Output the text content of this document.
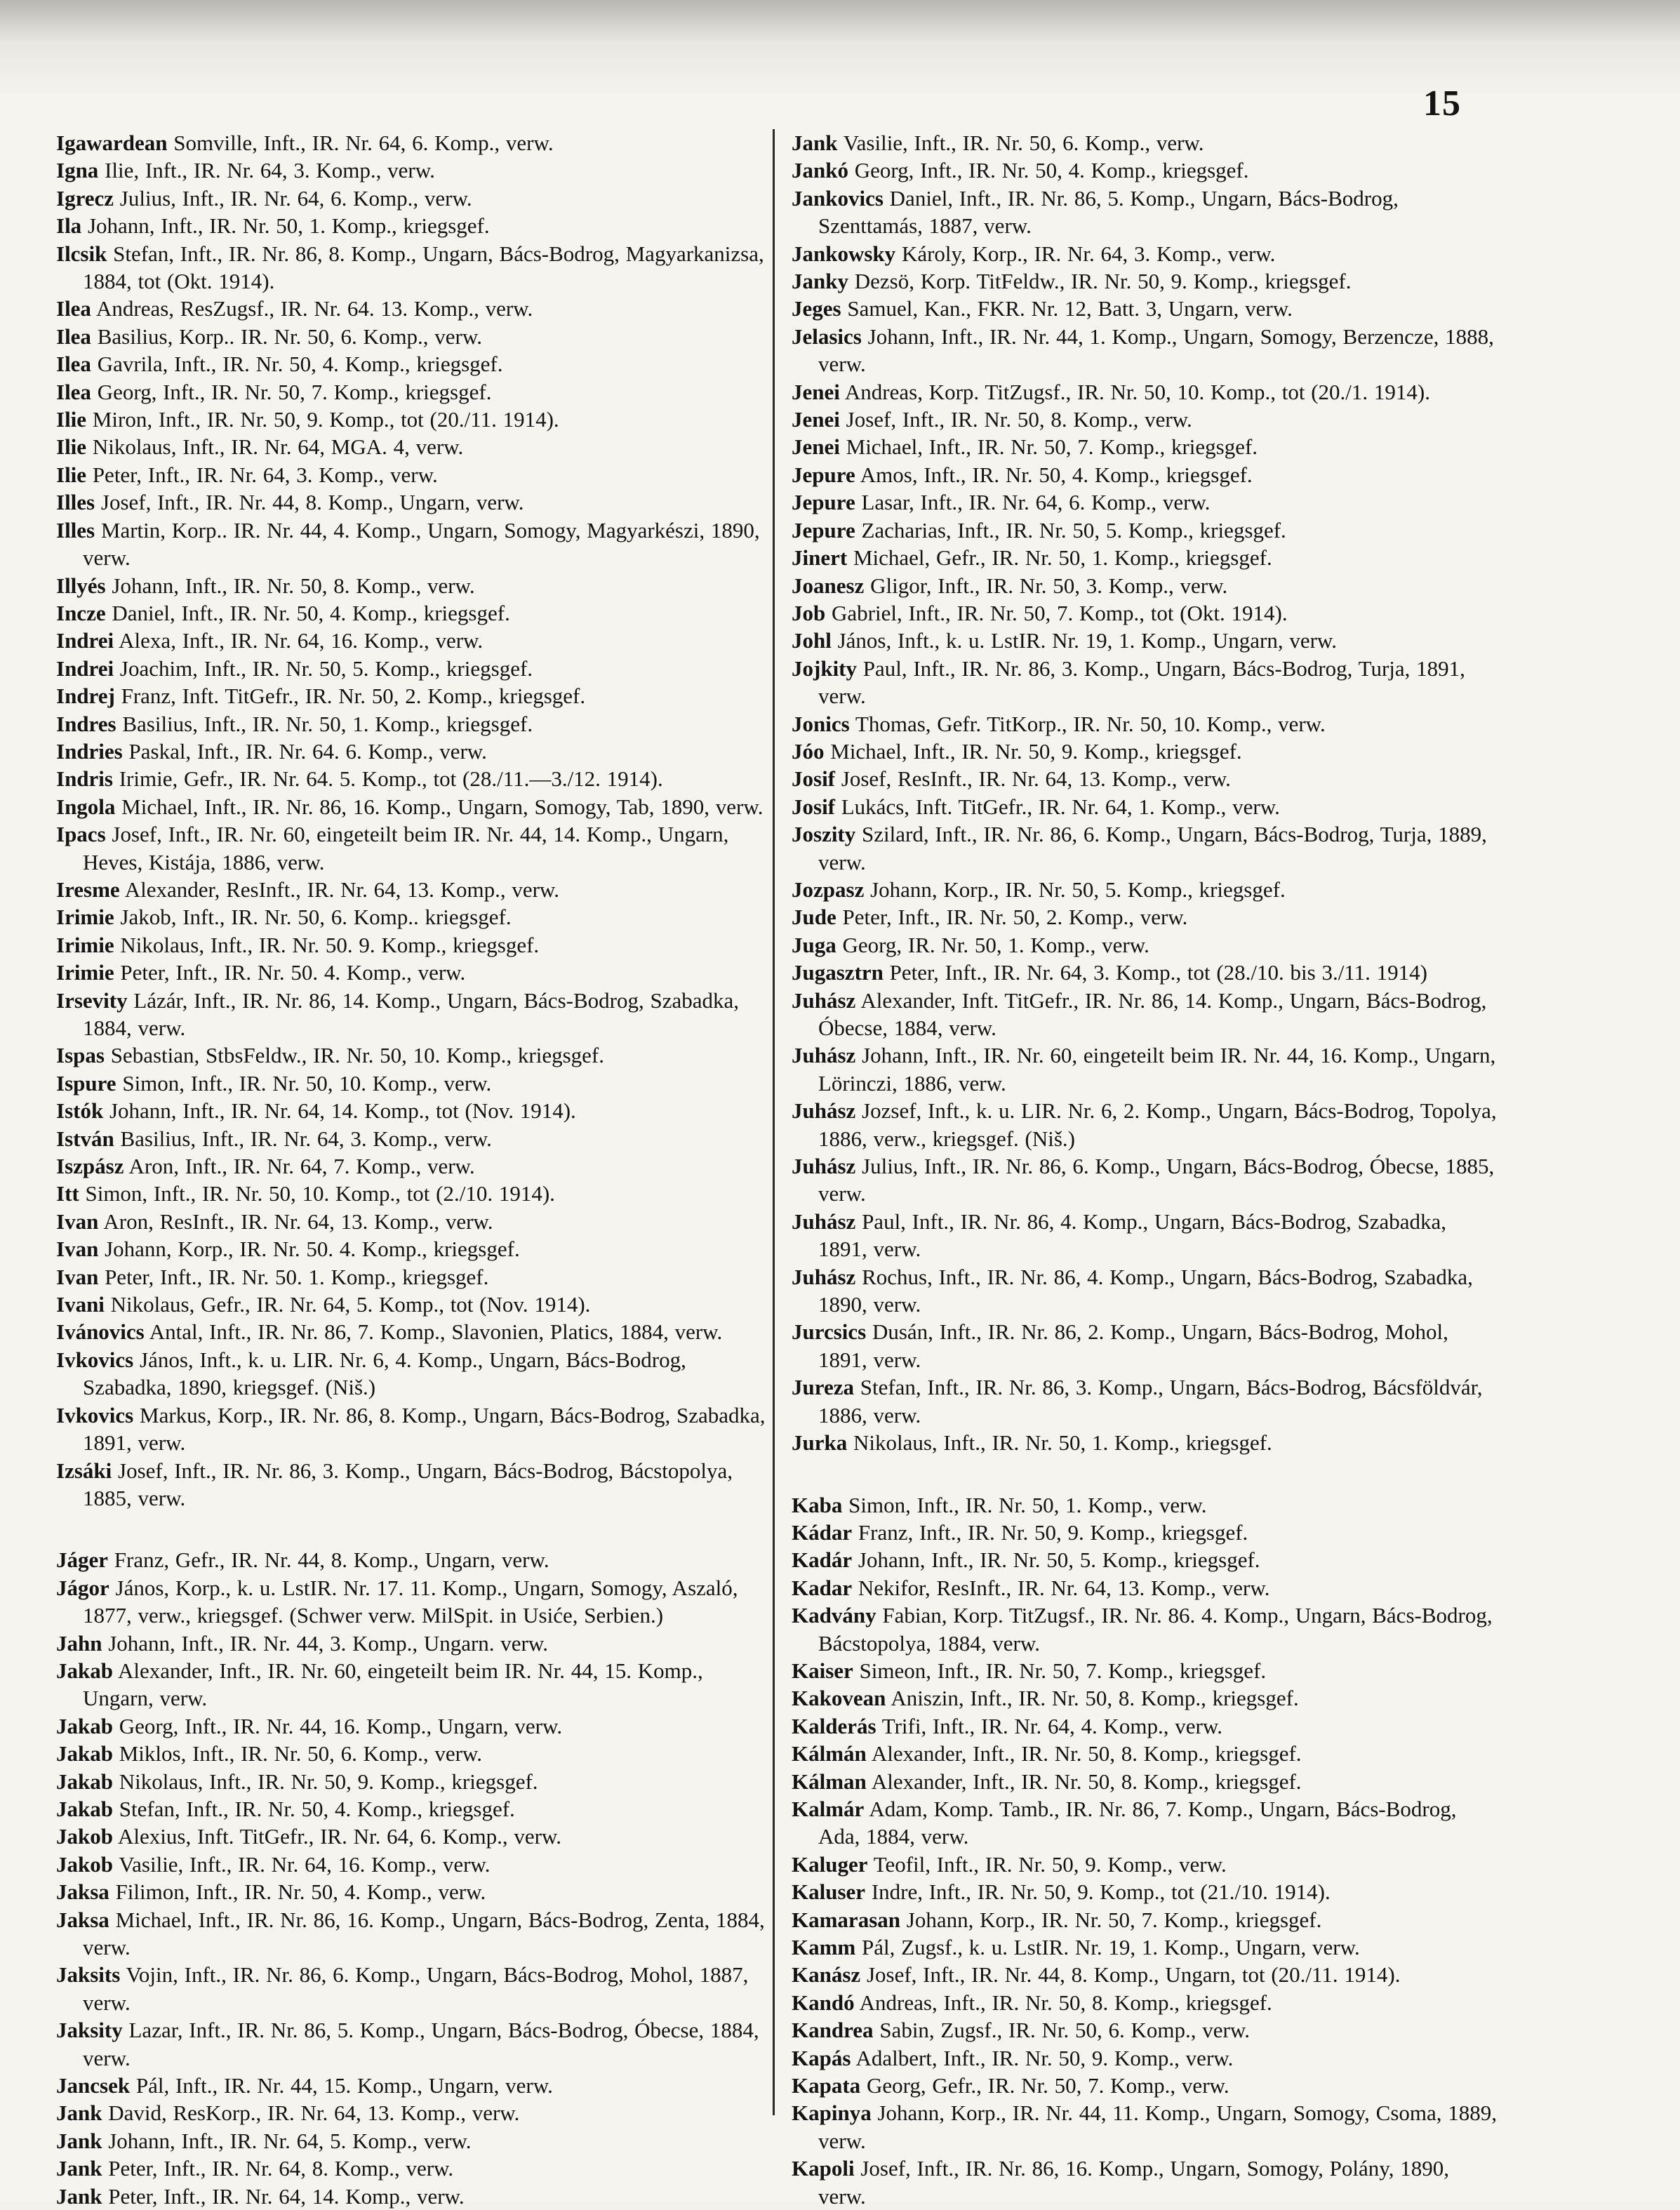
15
Igawardean Somville, Inft., IR. Nr. 64, 6. Komp., verw.
Igna Ilie, Inft., IR. Nr. 64, 3. Komp., verw.
Igrecz Julius, Inft., IR. Nr. 64, 6. Komp., verw.
Ila Johann, Inft., IR. Nr. 50, 1. Komp., kriegsgef.
Ilcsik Stefan, Inft., IR. Nr. 86, 8. Komp., Ungarn, Bács-Bodrog, Magyarkanizsa, 1884, tot (Okt. 1914).
Ilea Andreas, ResZugsf., IR. Nr. 64. 13. Komp., verw.
Ilea Basilius, Korp.. IR. Nr. 50, 6. Komp., verw.
Ilea Gavrila, Inft., IR. Nr. 50, 4. Komp., kriegsgef.
Ilea Georg, Inft., IR. Nr. 50, 7. Komp., kriegsgef.
Ilie Miron, Inft., IR. Nr. 50, 9. Komp., tot (20./11. 1914).
Ilie Nikolaus, Inft., IR. Nr. 64, MGA. 4, verw.
Ilie Peter, Inft., IR. Nr. 64, 3. Komp., verw.
Illes Josef, Inft., IR. Nr. 44, 8. Komp., Ungarn, verw.
Illes Martin, Korp.. IR. Nr. 44, 4. Komp., Ungarn, Somogy, Magyarkészi, 1890, verw.
Illyés Johann, Inft., IR. Nr. 50, 8. Komp., verw.
Incze Daniel, Inft., IR. Nr. 50, 4. Komp., kriegsgef.
Indrei Alexa, Inft., IR. Nr. 64, 16. Komp., verw.
Indrei Joachim, Inft., IR. Nr. 50, 5. Komp., kriegsgef.
Indrej Franz, Inft. TitGefr., IR. Nr. 50, 2. Komp., kriegsgef.
Indres Basilius, Inft., IR. Nr. 50, 1. Komp., kriegsgef.
Indries Paskal, Inft., IR. Nr. 64. 6. Komp., verw.
Indris Irimie, Gefr., IR. Nr. 64. 5. Komp., tot (28./11.—3./12. 1914).
Ingola Michael, Inft., IR. Nr. 86, 16. Komp., Ungarn, Somogy, Tab, 1890, verw.
Ipacs Josef, Inft., IR. Nr. 60, eingeteilt beim IR. Nr. 44, 14. Komp., Ungarn, Heves, Kistája, 1886, verw.
Iresme Alexander, ResInft., IR. Nr. 64, 13. Komp., verw.
Irimie Jakob, Inft., IR. Nr. 50, 6. Komp.. kriegsgef.
Irimie Nikolaus, Inft., IR. Nr. 50. 9. Komp., kriegsgef.
Irimie Peter, Inft., IR. Nr. 50. 4. Komp., verw.
Irsevity Lázár, Inft., IR. Nr. 86, 14. Komp., Ungarn, Bács-Bodrog, Szabadka, 1884, verw.
Ispas Sebastian, StbsFeldw., IR. Nr. 50, 10. Komp., kriegsgef.
Ispure Simon, Inft., IR. Nr. 50, 10. Komp., verw.
Istók Johann, Inft., IR. Nr. 64, 14. Komp., tot (Nov. 1914).
István Basilius, Inft., IR. Nr. 64, 3. Komp., verw.
Iszpász Aron, Inft., IR. Nr. 64, 7. Komp., verw.
Itt Simon, Inft., IR. Nr. 50, 10. Komp., tot (2./10. 1914).
Ivan Aron, ResInft., IR. Nr. 64, 13. Komp., verw.
Ivan Johann, Korp., IR. Nr. 50. 4. Komp., kriegsgef.
Ivan Peter, Inft., IR. Nr. 50. 1. Komp., kriegsgef.
Ivani Nikolaus, Gefr., IR. Nr. 64, 5. Komp., tot (Nov. 1914).
Ivánovics Antal, Inft., IR. Nr. 86, 7. Komp., Slavonien, Platics, 1884, verw.
Ivkovics János, Inft., k. u. LIR. Nr. 6, 4. Komp., Ungarn, Bács-Bodrog, Szabadka, 1890, kriegsgef. (Niš.)
Ivkovics Markus, Korp., IR. Nr. 86, 8. Komp., Ungarn, Bács-Bodrog, Szabadka, 1891, verw.
Izsáki Josef, Inft., IR. Nr. 86, 3. Komp., Ungarn, Bács-Bodrog, Bácstopolya, 1885, verw.
Jáger Franz, Gefr., IR. Nr. 44, 8. Komp., Ungarn, verw.
Jágor János, Korp., k. u. LstIR. Nr. 17. 11. Komp., Ungarn, Somogy, Aszaló, 1877, verw., kriegsgef. (Schwer verw. MilSpit. in Usiće, Serbien.)
Jahn Johann, Inft., IR. Nr. 44, 3. Komp., Ungarn. verw.
Jakab Alexander, Inft., IR. Nr. 60, eingeteilt beim IR. Nr. 44, 15. Komp., Ungarn, verw.
Jakab Georg, Inft., IR. Nr. 44, 16. Komp., Ungarn, verw.
Jakab Miklos, Inft., IR. Nr. 50, 6. Komp., verw.
Jakab Nikolaus, Inft., IR. Nr. 50, 9. Komp., kriegsgef.
Jakab Stefan, Inft., IR. Nr. 50, 4. Komp., kriegsgef.
Jakob Alexius, Inft. TitGefr., IR. Nr. 64, 6. Komp., verw.
Jakob Vasilie, Inft., IR. Nr. 64, 16. Komp., verw.
Jaksa Filimon, Inft., IR. Nr. 50, 4. Komp., verw.
Jaksa Michael, Inft., IR. Nr. 86, 16. Komp., Ungarn, Bács-Bodrog, Zenta, 1884, verw.
Jaksits Vojin, Inft., IR. Nr. 86, 6. Komp., Ungarn, Bács-Bodrog, Mohol, 1887, verw.
Jaksity Lazar, Inft., IR. Nr. 86, 5. Komp., Ungarn, Bács-Bodrog, Óbecse, 1884, verw.
Jancsek Pál, Inft., IR. Nr. 44, 15. Komp., Ungarn, verw.
Jank David, ResKorp., IR. Nr. 64, 13. Komp., verw.
Jank Johann, Inft., IR. Nr. 64, 5. Komp., verw.
Jank Peter, Inft., IR. Nr. 64, 8. Komp., verw.
Jank Peter, Inft., IR. Nr. 64, 14. Komp., verw.
Jank Vasilie, Inft., IR. Nr. 50, 6. Komp., verw.
Jankó Georg, Inft., IR. Nr. 50, 4. Komp., kriegsgef.
Jankovics Daniel, Inft., IR. Nr. 86, 5. Komp., Ungarn, Bács-Bodrog, Szenttamás, 1887, verw.
Jankowsky Károly, Korp., IR. Nr. 64, 3. Komp., verw.
Janky Dezsö, Korp. TitFeldw., IR. Nr. 50, 9. Komp., kriegsgef.
Jeges Samuel, Kan., FKR. Nr. 12, Batt. 3, Ungarn, verw.
Jelasics Johann, Inft., IR. Nr. 44, 1. Komp., Ungarn, Somogy, Berzencze, 1888, verw.
Jenei Andreas, Korp. TitZugsf., IR. Nr. 50, 10. Komp., tot (20./1. 1914).
Jenei Josef, Inft., IR. Nr. 50, 8. Komp., verw.
Jenei Michael, Inft., IR. Nr. 50, 7. Komp., kriegsgef.
Jepure Amos, Inft., IR. Nr. 50, 4. Komp., kriegsgef.
Jepure Lasar, Inft., IR. Nr. 64, 6. Komp., verw.
Jepure Zacharias, Inft., IR. Nr. 50, 5. Komp., kriegsgef.
Jinert Michael, Gefr., IR. Nr. 50, 1. Komp., kriegsgef.
Joanesz Gligor, Inft., IR. Nr. 50, 3. Komp., verw.
Job Gabriel, Inft., IR. Nr. 50, 7. Komp., tot (Okt. 1914).
Johl János, Inft., k. u. LstIR. Nr. 19, 1. Komp., Ungarn, verw.
Jojkity Paul, Inft., IR. Nr. 86, 3. Komp., Ungarn, Bács-Bodrog, Turja, 1891, verw.
Jonics Thomas, Gefr. TitKorp., IR. Nr. 50, 10. Komp., verw.
Jóo Michael, Inft., IR. Nr. 50, 9. Komp., kriegsgef.
Josif Josef, ResInft., IR. Nr. 64, 13. Komp., verw.
Josif Lukács, Inft. TitGefr., IR. Nr. 64, 1. Komp., verw.
Joszity Szilard, Inft., IR. Nr. 86, 6. Komp., Ungarn, Bács-Bodrog, Turja, 1889, verw.
Jozpasz Johann, Korp., IR. Nr. 50, 5. Komp., kriegsgef.
Jude Peter, Inft., IR. Nr. 50, 2. Komp., verw.
Juga Georg, IR. Nr. 50, 1. Komp., verw.
Jugasztrn Peter, Inft., IR. Nr. 64, 3. Komp., tot (28./10. bis 3./11. 1914)
Juhász Alexander, Inft. TitGefr., IR. Nr. 86, 14. Komp., Ungarn, Bács-Bodrog, Óbecse, 1884, verw.
Juhász Johann, Inft., IR. Nr. 60, eingeteilt beim IR. Nr. 44, 16. Komp., Ungarn, Lörinczi, 1886, verw.
Juhász Jozsef, Inft., k. u. LIR. Nr. 6, 2. Komp., Ungarn, Bács-Bodrog, Topolya, 1886, verw., kriegsgef. (Niš.)
Juhász Julius, Inft., IR. Nr. 86, 6. Komp., Ungarn, Bács-Bodrog, Óbecse, 1885, verw.
Juhász Paul, Inft., IR. Nr. 86, 4. Komp., Ungarn, Bács-Bodrog, Szabadka, 1891, verw.
Juhász Rochus, Inft., IR. Nr. 86, 4. Komp., Ungarn, Bács-Bodrog, Szabadka, 1890, verw.
Jurcsics Dusán, Inft., IR. Nr. 86, 2. Komp., Ungarn, Bács-Bodrog, Mohol, 1891, verw.
Jureza Stefan, Inft., IR. Nr. 86, 3. Komp., Ungarn, Bács-Bodrog, Bácsföldvár, 1886, verw.
Jurka Nikolaus, Inft., IR. Nr. 50, 1. Komp., kriegsgef.
Kaba Simon, Inft., IR. Nr. 50, 1. Komp., verw.
Kádar Franz, Inft., IR. Nr. 50, 9. Komp., kriegsgef.
Kadár Johann, Inft., IR. Nr. 50, 5. Komp., kriegsgef.
Kadar Nekifor, ResInft., IR. Nr. 64, 13. Komp., verw.
Kadvány Fabian, Korp. TitZugsf., IR. Nr. 86. 4. Komp., Ungarn, Bács-Bodrog, Bácstopolya, 1884, verw.
Kaiser Simeon, Inft., IR. Nr. 50, 7. Komp., kriegsgef.
Kakovean Aniszin, Inft., IR. Nr. 50, 8. Komp., kriegsgef.
Kalderás Trifi, Inft., IR. Nr. 64, 4. Komp., verw.
Kálmán Alexander, Inft., IR. Nr. 50, 8. Komp., kriegsgef.
Kálman Alexander, Inft., IR. Nr. 50, 8. Komp., kriegsgef.
Kalmár Adam, Komp. Tamb., IR. Nr. 86, 7. Komp., Ungarn, Bács-Bodrog, Ada, 1884, verw.
Kaluger Teofil, Inft., IR. Nr. 50, 9. Komp., verw.
Kaluser Indre, Inft., IR. Nr. 50, 9. Komp., tot (21./10. 1914).
Kamarasan Johann, Korp., IR. Nr. 50, 7. Komp., kriegsgef.
Kamm Pál, Zugsf., k. u. LstIR. Nr. 19, 1. Komp., Ungarn, verw.
Kanász Josef, Inft., IR. Nr. 44, 8. Komp., Ungarn, tot (20./11. 1914).
Kandó Andreas, Inft., IR. Nr. 50, 8. Komp., kriegsgef.
Kandrea Sabin, Zugsf., IR. Nr. 50, 6. Komp., verw.
Kapás Adalbert, Inft., IR. Nr. 50, 9. Komp., verw.
Kapata Georg, Gefr., IR. Nr. 50, 7. Komp., verw.
Kapinya Johann, Korp., IR. Nr. 44, 11. Komp., Ungarn, Somogy, Csoma, 1889, verw.
Kapoli Josef, Inft., IR. Nr. 86, 16. Komp., Ungarn, Somogy, Polány, 1890, verw.
